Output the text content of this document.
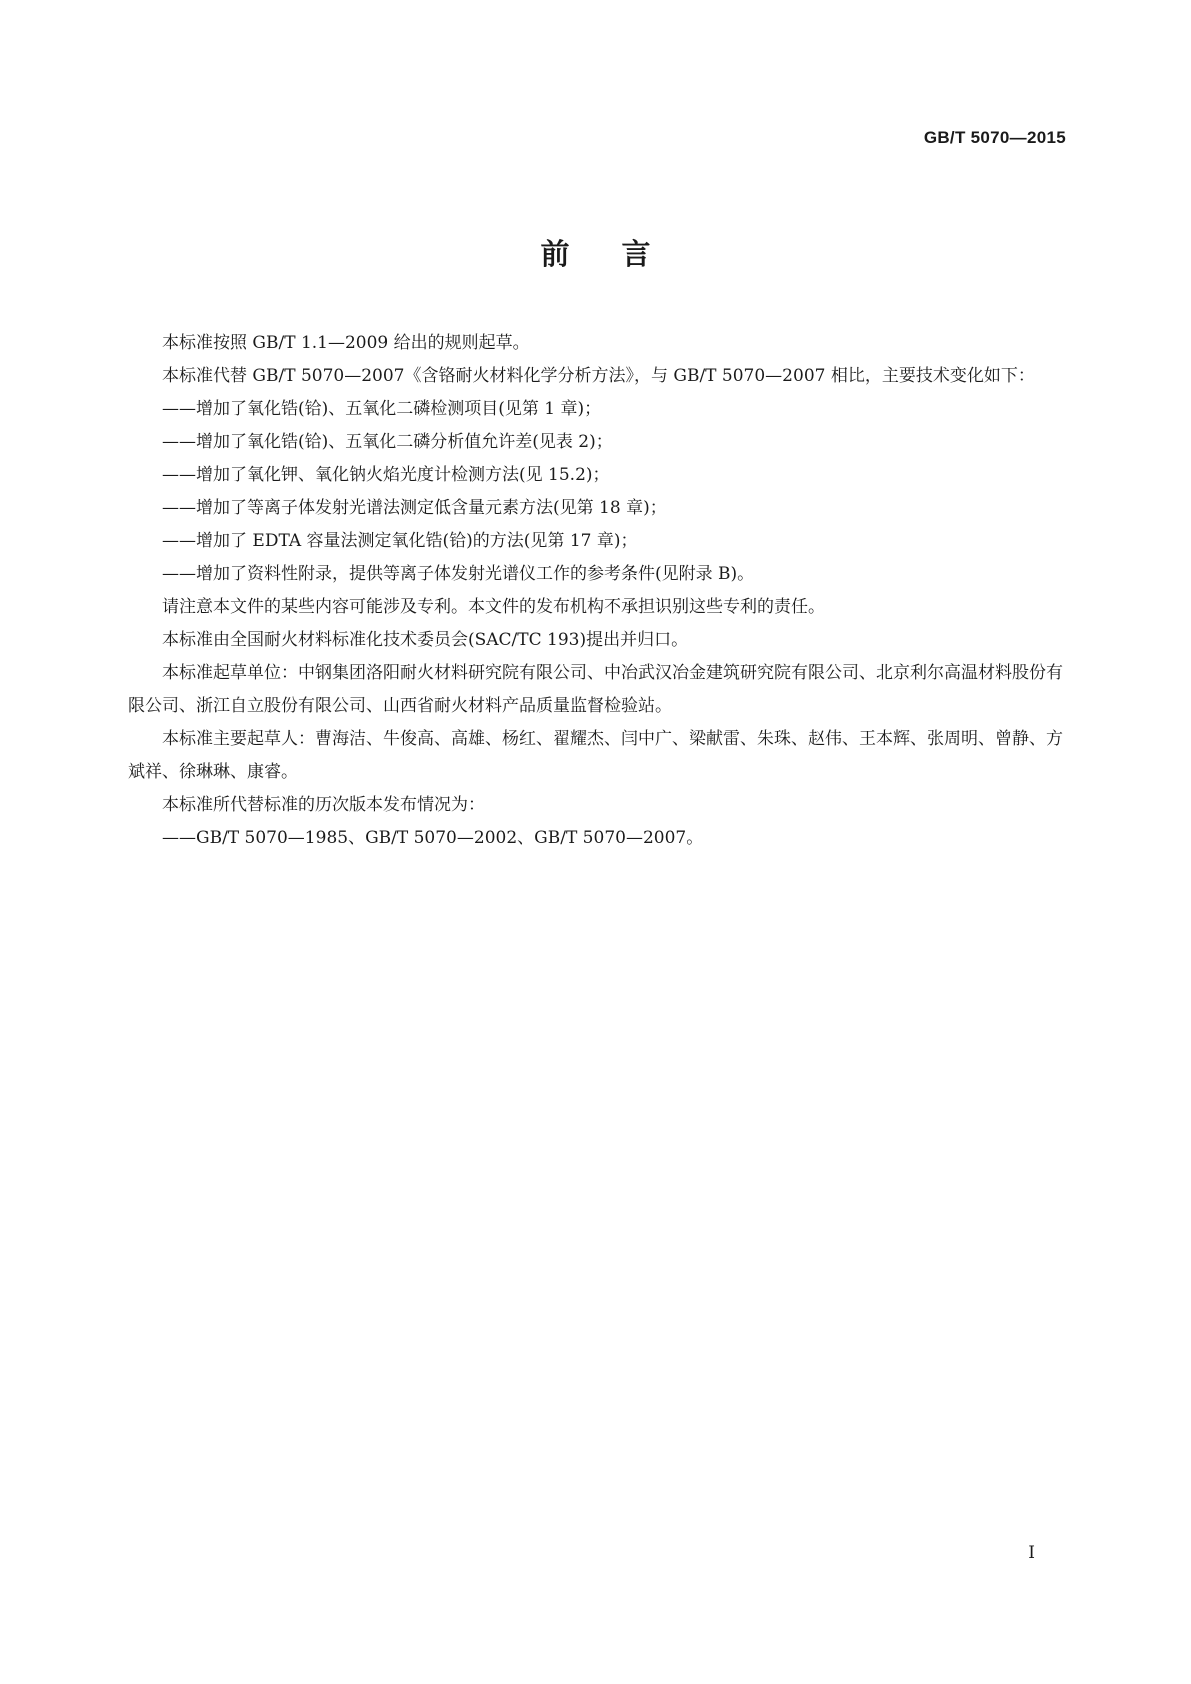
GB/T 5070—2015
前言

本标准按照 GB/T 1.1—2009 给出的规则起草。

本标准代替 GB/T 5070—2007《含铬耐火材料化学分析方法》，与 GB/T 5070—2007 相比，主要技术变化如下：

——增加了氧化锆(铪)、五氧化二磷检测项目(见第 1 章)；

——增加了氧化锆(铪)、五氧化二磷分析值允许差(见表 2)；

——增加了氧化钾、氧化钠火焰光度计检测方法(见 15.2)；

——增加了等离子体发射光谱法测定低含量元素方法(见第 18 章)；

——增加了 EDTA 容量法测定氧化锆(铪)的方法(见第 17 章)；

——增加了资料性附录，提供等离子体发射光谱仪工作的参考条件(见附录 B)。

请注意本文件的某些内容可能涉及专利。本文件的发布机构不承担识别这些专利的责任。

本标准由全国耐火材料标准化技术委员会(SAC/TC 193)提出并归口。

本标准起草单位：中钢集团洛阳耐火材料研究院有限公司、中冶武汉冶金建筑研究院有限公司、北京利尔高温材料股份有限公司、浙江自立股份有限公司、山西省耐火材料产品质量监督检验站。

本标准主要起草人：曹海洁、牛俊高、高雄、杨红、翟耀杰、闫中广、梁献雷、朱珠、赵伟、王本辉、张周明、曾静、方斌祥、徐琳琳、康睿。

本标准所代替标准的历次版本发布情况为：

——GB/T 5070—1985、GB/T 5070—2002、GB/T 5070—2007。

I
